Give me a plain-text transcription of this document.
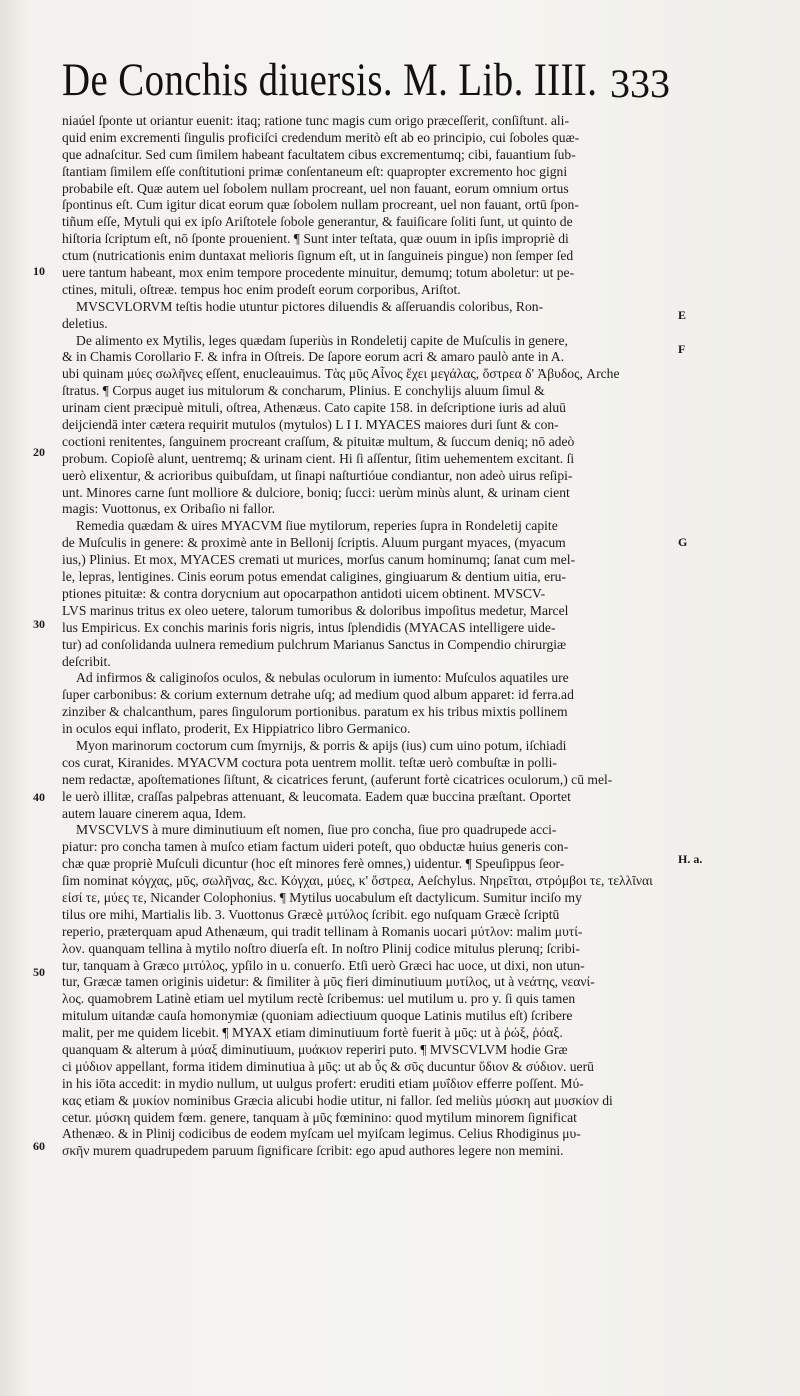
De Conchis diuersis. M. Lib. IIII. 333
niaúel ſponte ut oriantur euenit: itaq; ratione tunc magis cum origo præceſſerit, conſiſtunt. ali-
quid enim excrementi ſingulis proficiſci credendum meritò eſt ab eo principio, cui ſoboles quæ-
que adnaſcitur. Sed cum ſimilem habeant facultatem cibus excrementumq; cibi, fauantium ſub-
ſtantiam ſimilem eſſe conſtitutioni primæ conſentaneum eſt: quapropter excremento hoc gigni
probabile eſt. Quæ autem uel ſobolem nullam procreant, uel non fauant, eorum omnium ortus
ſpontinus eſt. Cum igitur dicat eorum quæ ſobolem nullam procreant, uel non fauant, ortū ſpon-
tiñum eſſe, Mytuli qui ex ipſo Ariſtotele ſobole generantur, & fauiſicare ſoliti ſunt, ut quinto de
hiſtoria ſcriptum eſt, nō ſponte prouenient. ¶ Sunt inter teſtata, quæ ouum in ipſis impropriè di
ctum (nutricationis enim duntaxat melioris ſignum eſt, ut in ſanguineis pingue) non ſemper ſed
uere tantum habeant, mox enim tempore procedente minuitur, demumq; totum aboletur: ut pe-
ctines, mituli, oſtreæ. tempus hoc enim prodeſt eorum corporibus, Ariſtot.
MVSCVLORVM teſtis hodie utuntur pictores diluendis & aſſeruandis coloribus, Ron-
deletius.
De alimento ex Mytilis, leges quædam ſuperiùs in Rondeletij capite de Muſculis in genere,
& in Chamis Corollario F. & infra in Oſtreis. De ſapore eorum acri & amaro paulò ante in A.
ubi quinam μύες σωλῆνες eſſent, enucleauimus. Τὰς μῦς Αἶνος ἔχει μεγάλας, ὄστρεα δ' Ἀβυδος, Arche
ſtratus. ¶ Corpus auget ius mitulorum & concharum, Plinius. E conchylijs aluum ſimul &
urinam cient præcipuè mituli, oſtrea, Athenæus. Cato capite 158. in deſcriptione iuris ad aluū
deijciendā inter cætera requirit mutulos (mytulos) L I I. MYACES maiores duri ſunt & con-
coctioni renitentes, ſanguinem procreant craſſum, & pituitæ multum, & ſuccum deniq; nō adeò
probum. Copioſè alunt, uentremq; & urinam cient. Hi ſi aſſentur, ſitim uehementem excitant. ſi
uerò elixentur, & acrioribus quibuſdam, ut ſinapi naſturtióue condiantur, non adeò uirus reſipi-
unt. Minores carne ſunt molliore & dulciore, boniq; ſucci: uerùm minùs alunt, & urinam cient
magis: Vuottonus, ex Oribaſio ni fallor.
Remedia quædam & uires MYACVM ſiue mytilorum, reperies ſupra in Rondeletij capite
de Muſculis in genere: & proximè ante in Bellonij ſcriptis. Aluum purgant myaces, (myacum
ius,) Plinius. Et mox, MYACES cremati ut murices, morſus canum hominumq; ſanat cum mel-
le, lepras, lentigines. Cinis eorum potus emendat caligines, gingiuarum & dentium uitia, eru-
ptiones pituitæ: & contra dorycnium aut opocarpathon antidoti uicem obtinent. MVSCV-
LVS marinus tritus ex oleo uetere, talorum tumoribus & doloribus impoſitus medetur, Marcel
lus Empiricus. Ex conchis marinis foris nigris, intus ſplendidis (MYACAS intelligere uide-
tur) ad conſolidanda uulnera remedium pulchrum Marianus Sanctus in Compendio chirurgiæ
deſcribit.
Ad infirmos & caliginoſos oculos, & nebulas oculorum in iumento: Muſculos aquatiles ure
ſuper carbonibus: & corium externum detrahe uſq; ad medium quod album apparet: id ferra.ad
zinziber & chalcanthum, pares ſingulorum portionibus. paratum ex his tribus mixtis pollinem
in oculos equi inflato, proderit, Ex Hippiatrico libro Germanico.
Myon marinorum coctorum cum ſmyrnijs, & porris & apijs (ius) cum uino potum, iſchiadi
cos curat, Kiranides. MYACVM coctura pota uentrem mollit. teſtæ uerò combuſtæ in polli-
nem redactæ, apoſtemationes ſiſtunt, & cicatrices ferunt, (auferunt fortè cicatrices oculorum,) cū mel-
le uerò illitæ, craſſas palpebras attenuant, & leucomata. Eadem quæ buccina præſtant. Oportet
autem lauare cinerem aqua, Idem.
MVSCVLVS à mure diminutiuum eſt nomen, ſiue pro concha, ſiue pro quadrupede acci-
piatur: pro concha tamen à muſco etiam factum uideri poteſt, quo obductæ huius generis con-
chæ quæ propriè Muſculi dicuntur (hoc eſt minores ferè omnes,) uidentur. ¶ Speuſippus ſeor-
ſim nominat κόγχας, μῦς, σωλῆνας, &c. Κόγχαι, μύες, κ' ὄστρεα, Aeſchylus. Νηρεῖται, στρόμβοι τε, τελλῖναι
εἰσί τε, μύες τε, Nicander Colophonius. ¶ Mytilus uocabulum eſt dactylicum. Sumitur inciſo my
tilus ore mihi, Martialis lib. 3. Vuottonus Græcè μιτύλος ſcribit. ego nuſquam Græcè ſcriptū
reperio, præterquam apud Athenæum, qui tradit tellinam à Romanis uocari μύτλον: malim μυτί-
λον. quanquam tellina à mytilo noſtro diuerſa eſt. In noſtro Plinij codice mitulus plerunq; ſcribi-
tur, tanquam à Græco μιτύλος, ypſilo in u. conuerſo. Etſi uerò Græci hac uoce, ut dixi, non utun-
tur, Græcæ tamen originis uidetur: & ſimiliter à μῦς fieri diminutiuum μυτίλος, ut à νεάτης, νεανί-
λος. quamobrem Latinè etiam uel mytilum rectè ſcribemus: uel mutilum u. pro y. ſi quis tamen
mitulum uitandæ cauſa homonymiæ (quoniam adiectiuum quoque Latinis mutilus eſt) ſcribere
malit, per me quidem licebit. ¶ MYAX etiam diminutiuum fortè fuerit à μῦς: ut à ῥώξ, ῥόαξ.
quanquam & alterum à μύαξ diminutiuum, μυάκιον reperiri puto. ¶ MVSCVLVM hodie Græ
ci μύδιον appellant, forma itidem diminutiua à μῦς: ut ab ὗς & σῦς ducuntur ὕδιον & σύδιον. uerū
in his iōta accedit: in mydio nullum, ut uulgus profert: eruditi etiam μυΐδιον efferre poſſent. Μύ-
κας etiam & μυκίον nominibus Græcia alicubi hodie utitur, ni fallor. ſed meliùs μύσκη aut μυσκίον di
cetur. μύσκη quidem fœm. genere, tanquam à μῦς fœminino: quod mytilum minorem ſignificat
Athenæo. & in Plinij codicibus de eodem myſcam uel myiſcam legimus. Celius Rhodiginus μυ-
σκῆν murem quadrupedem paruum ſignificare ſcribit: ego apud authores legere non memini.
10
20
30
40
50
60
E
F
G
H. a.
